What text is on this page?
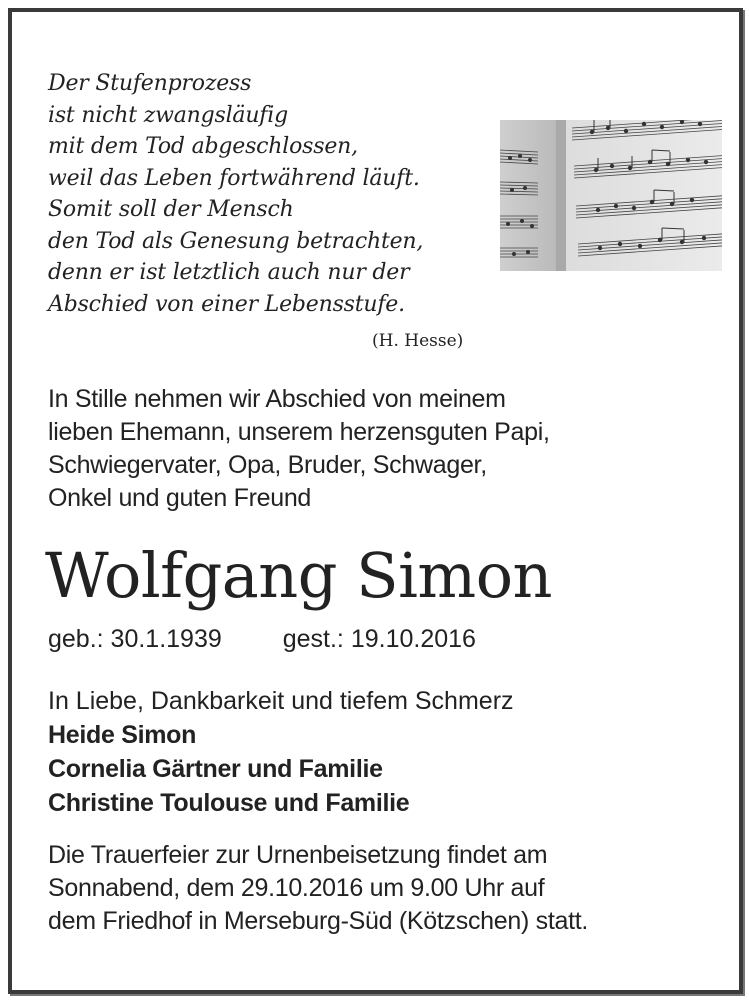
Der Stufenprozess
ist nicht zwangsläufig
mit dem Tod abgeschlossen,
weil das Leben fortwährend läuft.
Somit soll der Mensch
den Tod als Genesung betrachten,
denn er ist letztlich auch nur der
Abschied von einer Lebensstufe.
(H. Hesse)
In Stille nehmen wir Abschied von meinem
lieben Ehemann, unserem herzensguten Papi,
Schwiegervater, Opa, Bruder, Schwager,
Onkel und guten Freund
Wolfgang Simon
geb.: 30.1.1939 gest.: 19.10.2016
In Liebe, Dankbarkeit und tiefem Schmerz
Heide Simon
Cornelia Gärtner und Familie
Christine Toulouse und Familie
Die Trauerfeier zur Urnenbeisetzung findet am
Sonnabend, dem 29.10.2016 um 9.00 Uhr auf
dem Friedhof in Merseburg-Süd (Kötzschen) statt.
